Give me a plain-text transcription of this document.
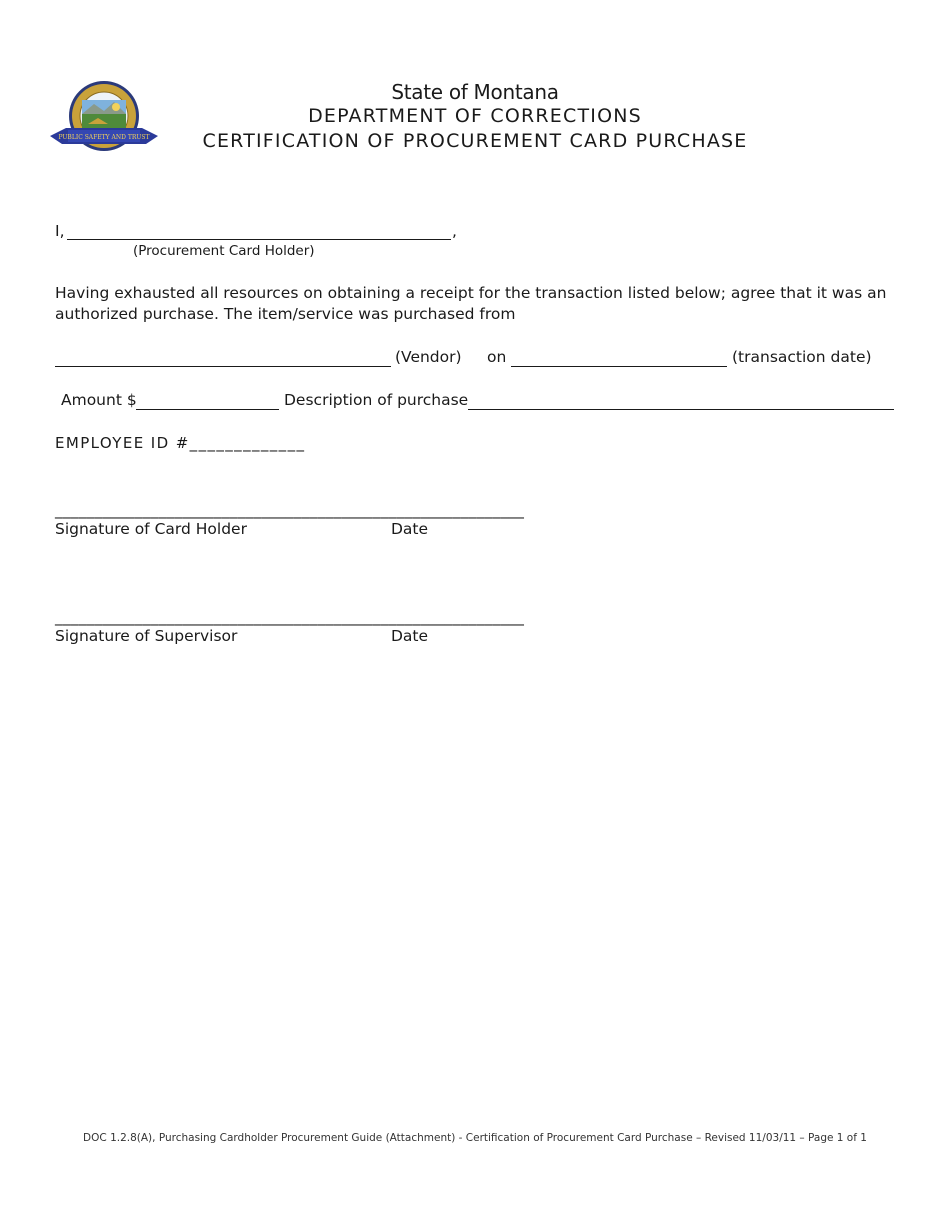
PUBLIC SAFETY AND TRUST
State of Montana
DEPARTMENT OF CORRECTIONS
CERTIFICATION OF PROCUREMENT CARD PURCHASE
I,	,
(Procurement Card Holder)
Having exhausted all resources on obtaining a receipt for the transaction listed below; agree that it was an
authorized purchase. The item/service was purchased from
(Vendor) on	(transaction date)
Amount $	Description of purchase
EMPLOYEE ID #_____________
___________________________________________________________
Signature of Card Holder	Date
___________________________________________________________
Signature of Supervisor	Date
DOC 1.2.8(A), Purchasing Cardholder Procurement Guide (Attachment) - Certification of Procurement Card Purchase – Revised 11/03/11 – Page 1 of 1
